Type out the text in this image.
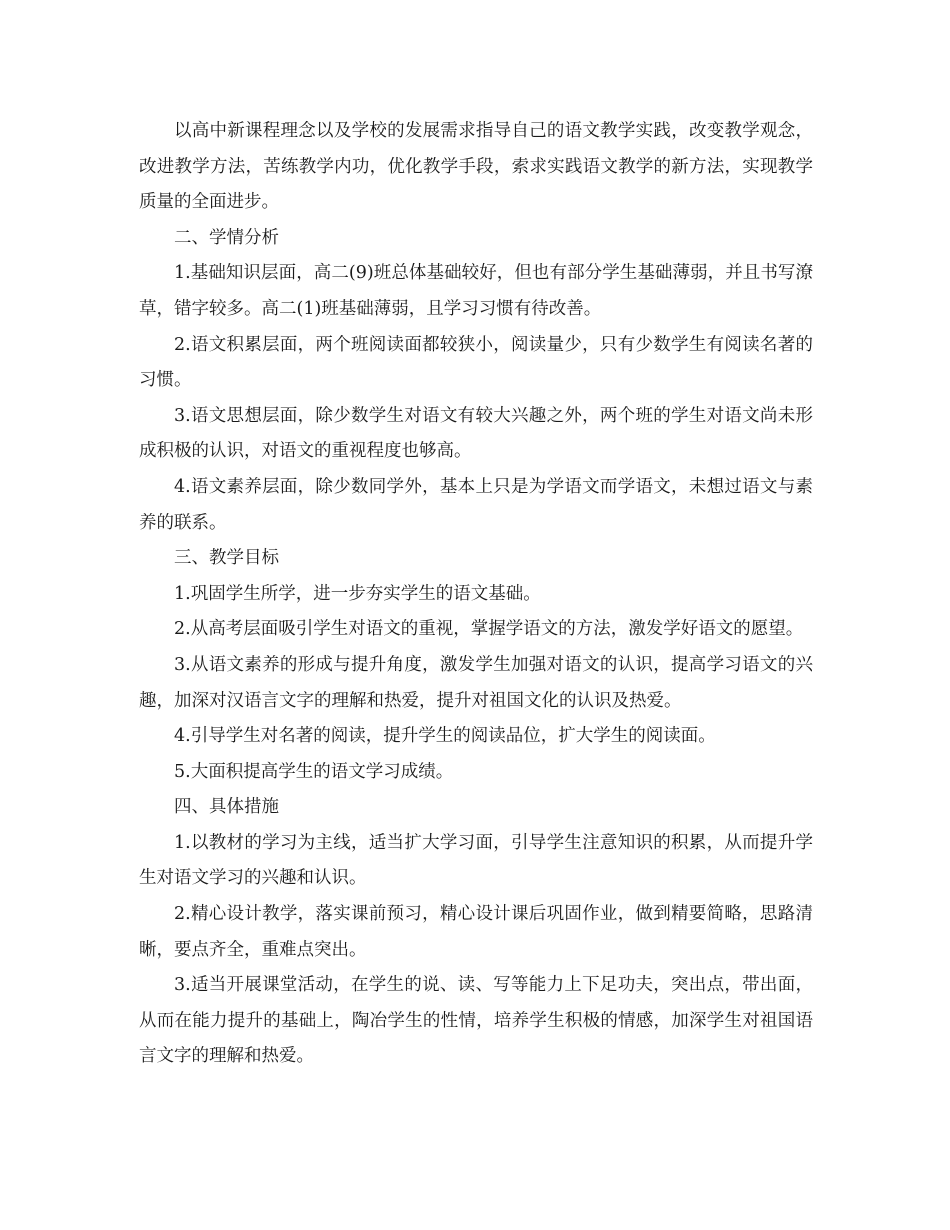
以高中新课程理念以及学校的发展需求指导自己的语文教学实践，改变教学观念，改进教学方法，苦练教学内功，优化教学手段，索求实践语文教学的新方法，实现教学质量的全面进步。

二、学情分析

1.基础知识层面，高二(9)班总体基础较好，但也有部分学生基础薄弱，并且书写潦草，错字较多。高二(1)班基础薄弱，且学习习惯有待改善。

2.语文积累层面，两个班阅读面都较狭小，阅读量少，只有少数学生有阅读名著的习惯。

3.语文思想层面，除少数学生对语文有较大兴趣之外，两个班的学生对语文尚未形成积极的认识，对语文的重视程度也够高。

4.语文素养层面，除少数同学外，基本上只是为学语文而学语文，未想过语文与素养的联系。

三、教学目标

1.巩固学生所学，进一步夯实学生的语文基础。

2.从高考层面吸引学生对语文的重视，掌握学语文的方法，激发学好语文的愿望。

3.从语文素养的形成与提升角度，激发学生加强对语文的认识，提高学习语文的兴趣，加深对汉语言文字的理解和热爱，提升对祖国文化的认识及热爱。

4.引导学生对名著的阅读，提升学生的阅读品位，扩大学生的阅读面。

5.大面积提高学生的语文学习成绩。

四、具体措施

1.以教材的学习为主线，适当扩大学习面，引导学生注意知识的积累，从而提升学生对语文学习的兴趣和认识。

2.精心设计教学，落实课前预习，精心设计课后巩固作业，做到精要简略，思路清晰，要点齐全，重难点突出。

3.适当开展课堂活动，在学生的说、读、写等能力上下足功夫，突出点，带出面，从而在能力提升的基础上，陶冶学生的性情，培养学生积极的情感，加深学生对祖国语言文字的理解和热爱。
